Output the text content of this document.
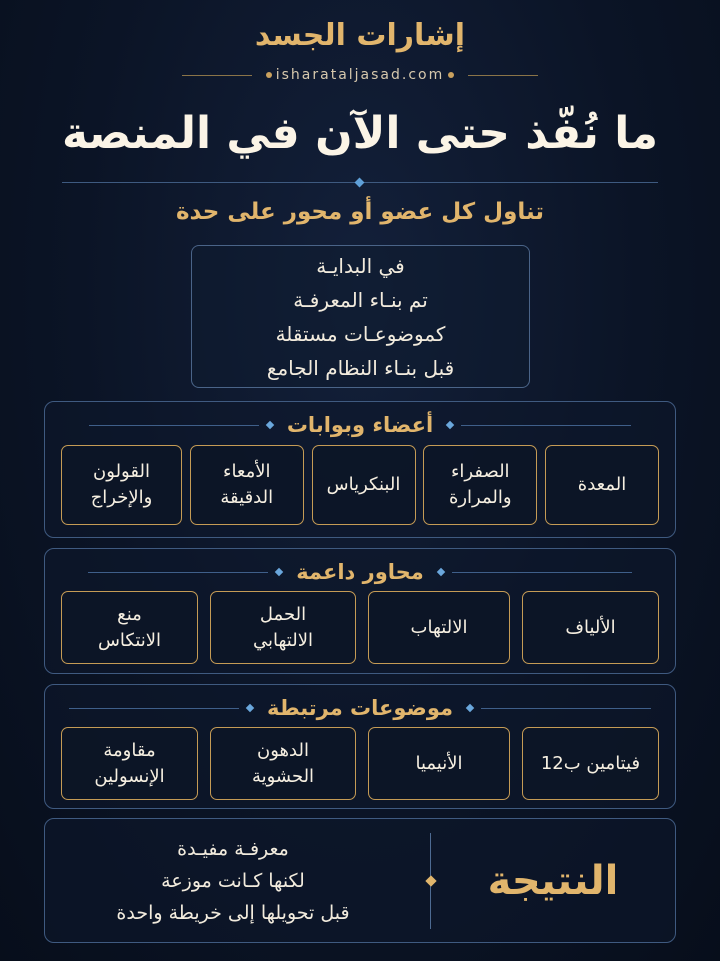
إشارات الجسد
isharataljasad.com
ما نُفّذ حتى الآن في المنصة
تناول كل عضو أو محور على حدة
في البدايـة
تم بنـاء المعرفـة
كموضوعـات مستقلة
قبل بنـاء النظام الجامع
أعضاء وبوابات
المعدة
الصفراء
والمرارة
البنكرياس
الأمعاء
الدقيقة
القولون
والإخراج
محاور داعمة
الألياف
الالتهاب
الحمل
الالتهابي
منع
الانتكاس
موضوعات مرتبطة
فيتامين ب12
الأنيميا
الدهون
الحشوية
مقاومة
الإنسولين
النتيجة
معرفـة مفيـدة
لكنها كـانت موزعة
قبل تحويلها إلى خريطة واحدة
